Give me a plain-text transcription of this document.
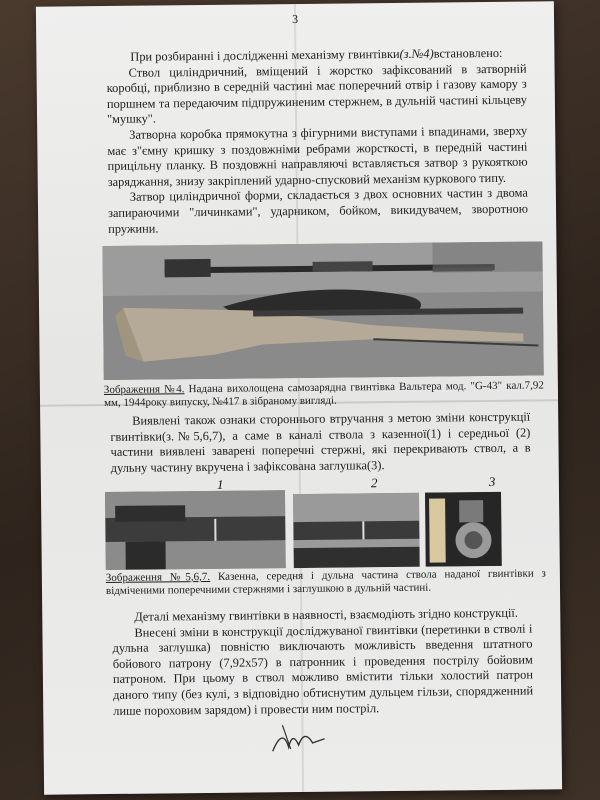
3

При розбиранні і дослідженні механізму гвинтівки(з.№4)встановлено:

Ствол циліндричний, вміщений і жорстко зафіксований в затворній коробці, приблизно в середній частині має поперечний отвір і газову камору з поршнем та передаючим підпружиненим стержнем, в дульній частині кільцеву "мушку".

Затворна коробка прямокутна з фігурними виступами і впадинами, зверху має з"ємну кришку з поздовжніми ребрами жорсткості, в передній частині прицільну планку. В поздовжні направляючі вставляється затвор з рукояткою заряджання, знизу закріплений ударно-спусковий механізм куркового типу.

Затвор циліндричної форми, складається з двох основних частин з двома запираючими "личинками", ударником, бойком, викидувачем, зворотною пружини.

Зображення №4. Надана вихолощена самозарядна гвинтівка Вальтера мод. "G-43" кал.7,92 мм, 1944року випуску, №417 в зібраному вигляді.

Виявлені також ознаки стороннього втручання з метою зміни конструкції гвинтівки(з.№5,6,7), а саме в каналі ствола з казенної(1) і середньої (2) частини виявлені заварені поперечні стержні, які перекривають ствол, а в дульну частину вкручена і зафіксована заглушка(3).

1	2	3
Зображення №5,6,7. Казенна, середня і дульна частина ствола наданої гвинтівки з відміченими поперечними стержнями і заглушкою в дульній частині.

Деталі механізму гвинтівки в наявності, взаємодіють згідно конструкції.

Внесені зміни в конструкції досліджуваної гвинтівки (перетинки в стволі і дульна заглушка) повністю виключають можливість введення штатного бойового патрону (7,92х57) в патронник і проведення пострілу бойовим патроном. При цьому в ствол можливо вмістити тільки холостий патрон даного типу (без кулі, з відповідно обтиснутим дульцем гільзи, спорядженний лише пороховим зарядом) і провести ним постріл.
